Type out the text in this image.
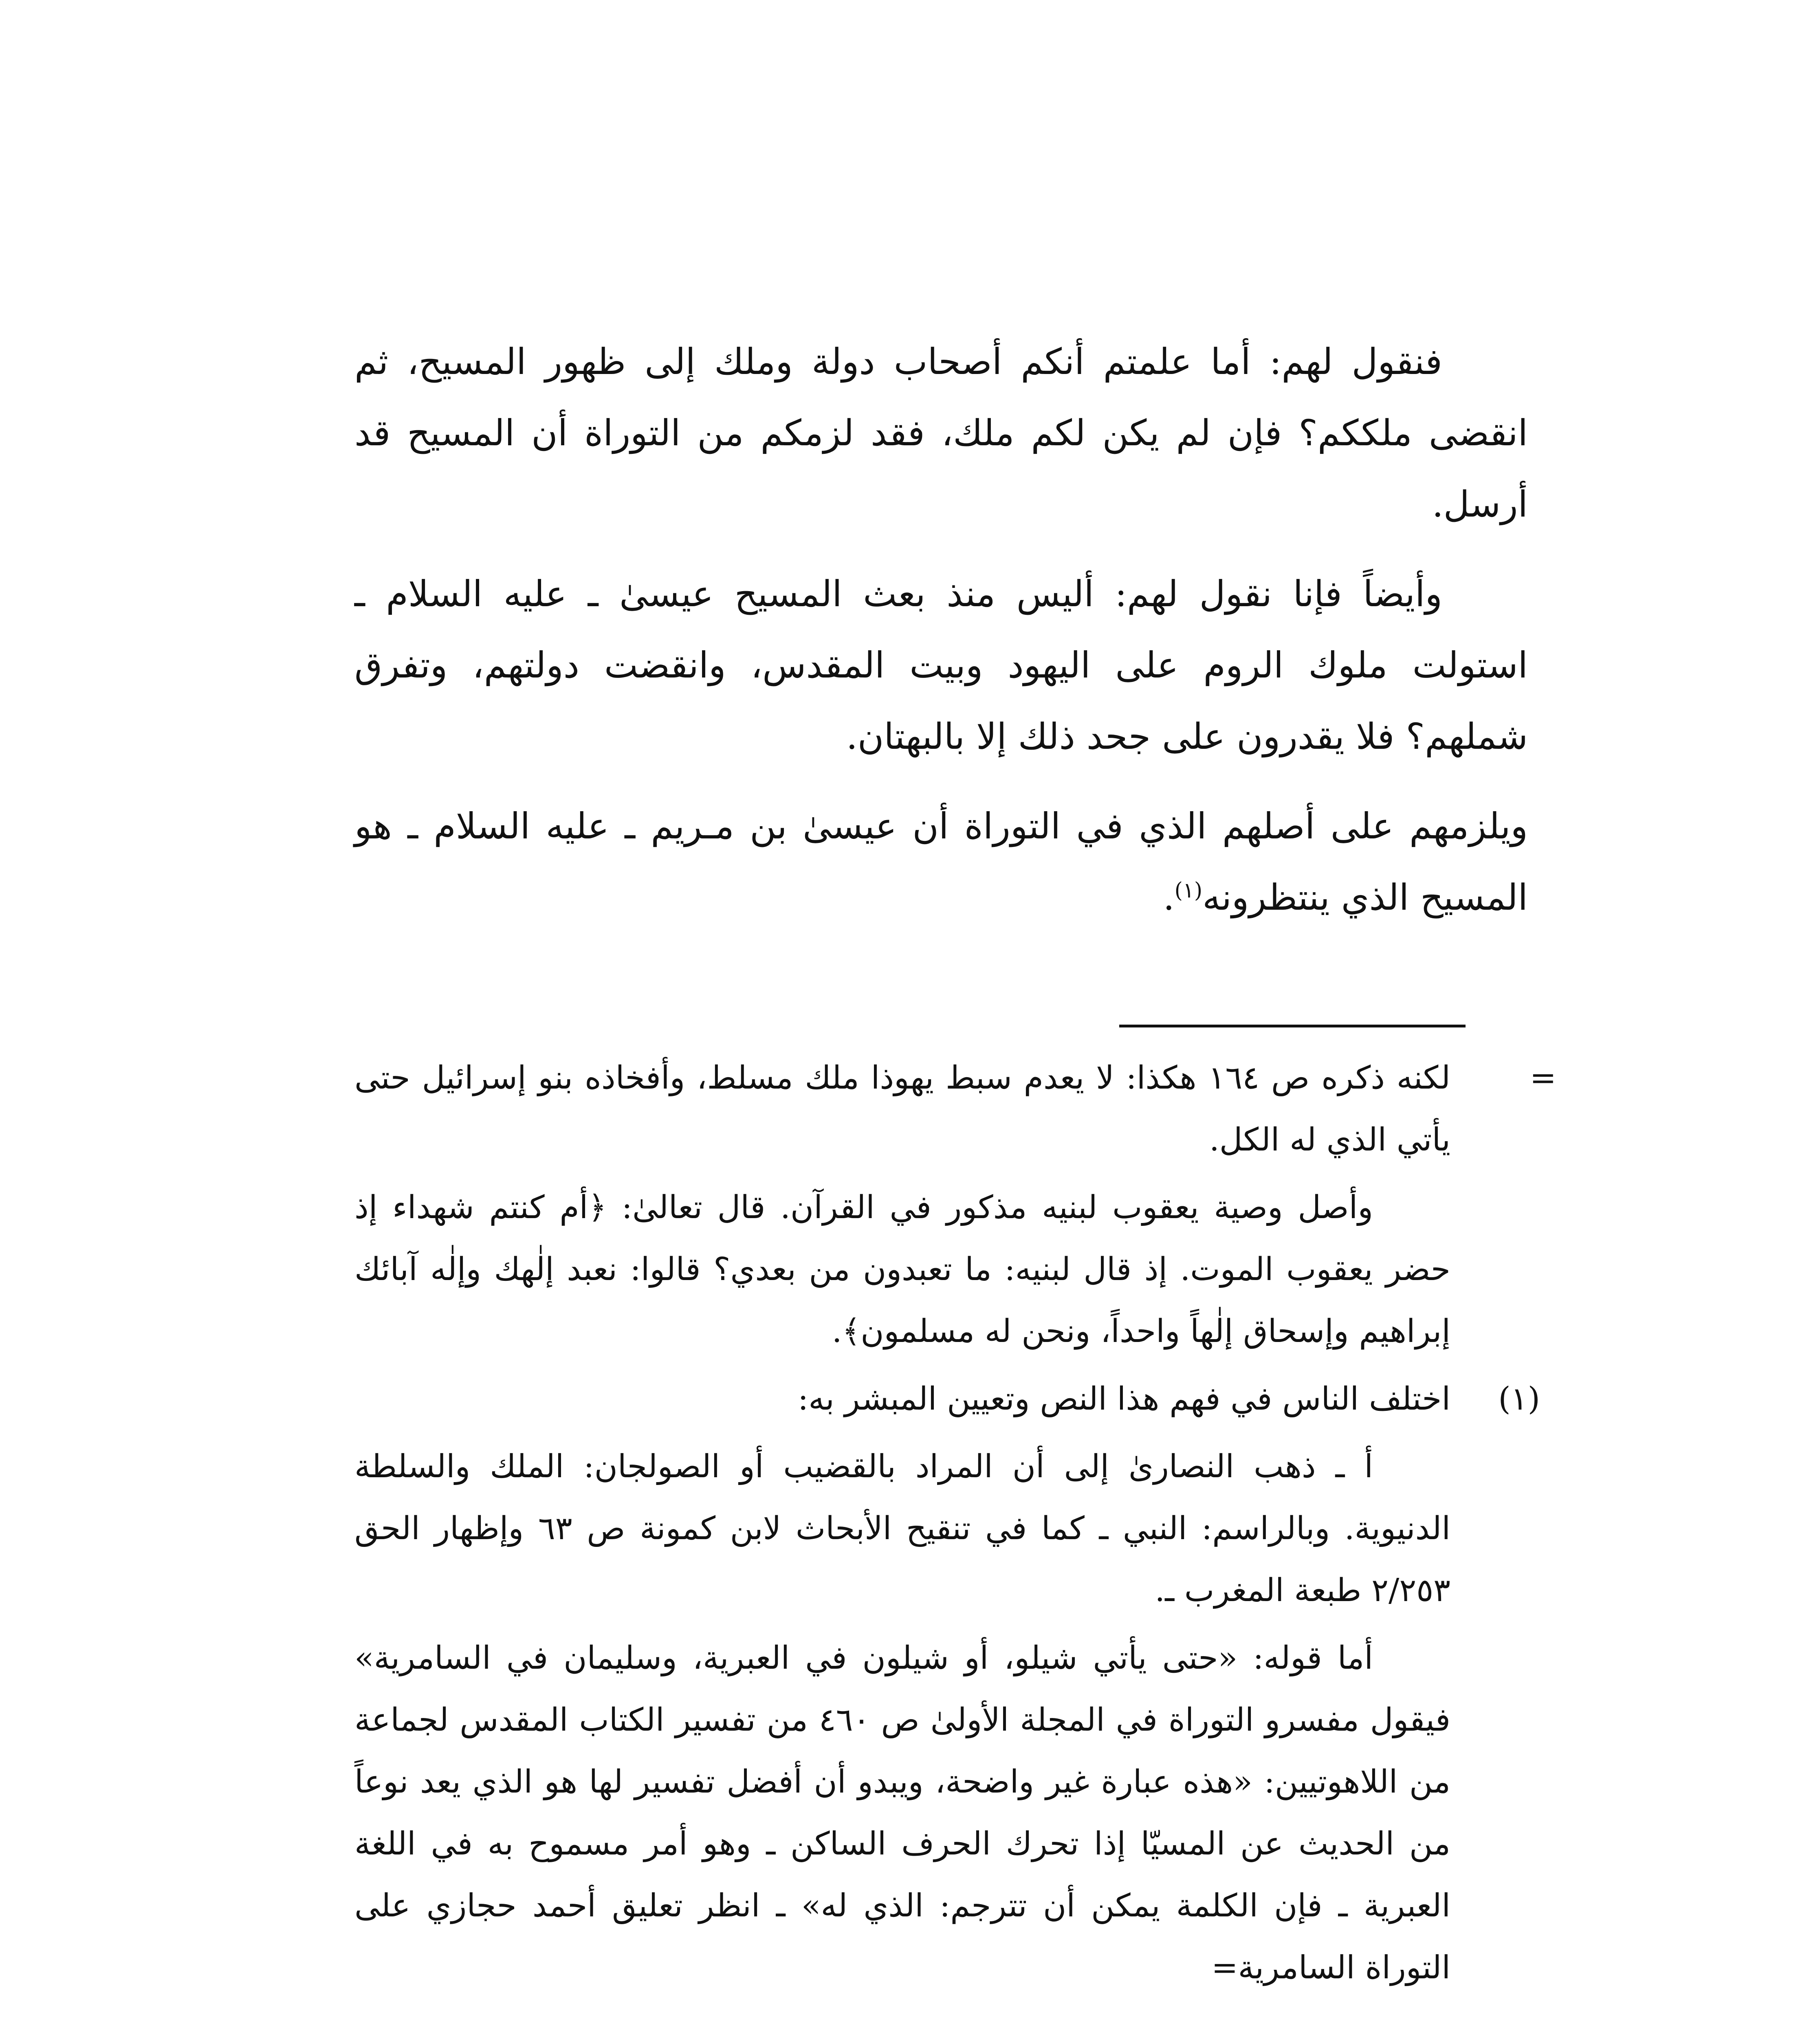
فنقول لهم: أما علمتم أنكم أصحاب دولة وملك إلى ظهور المسيح، ثم انقضى ملككم؟ فإن لم يكن لكم ملك، فقد لزمكم من التوراة أن المسيح قد أرسل.

وأيضاً فإنا نقول لهم: أليس منذ بعث المسيح عيسىٰ ـ عليه السلام ـ استولت ملوك الروم على اليهود وبيت المقدس، وانقضت دولتهم، وتفرق شملهم؟ فلا يقدرون على جحد ذلك إلا بالبهتان.

ويلزمهم على أصلهم الذي في التوراة أن عيسىٰ بن مـريم ـ عليه السلام ـ هو المسيح الذي ينتظرونه$^{(١)}$.

=
لكنه ذكره ص ١٦٤ هكذا: لا يعدم سبط يهوذا ملك مسلط، وأفخاذه بنو إسرائيل حتى يأتي الذي له الكل.

وأصل وصية يعقوب لبنيه مذكور في القرآن. قال تعالىٰ: ﴿أم كنتم شهداء إذ حضر يعقوب الموت. إذ قال لبنيه: ما تعبدون من بعدي؟ قالوا: نعبد إلٰهك وإلٰه آبائك إبراهيم وإسحاق إلٰهاً واحداً، ونحن له مسلمون﴾.

(١)
اختلف الناس في فهم هذا النص وتعيين المبشر به:

أ ـ ذهب النصارىٰ إلى أن المراد بالقضيب أو الصولجان: الملك والسلطة الدنيوية. وبالراسم: النبي ـ كما في تنقيح الأبحاث لابن كمونة ص ٦٣ وإظهار الحق ٢/٢٥٣ طبعة المغرب ـ.

أما قوله: «حتى يأتي شيلو، أو شيلون في العبرية، وسليمان في السامرية» فيقول مفسرو التوراة في المجلة الأولىٰ ص ٤٦٠ من تفسير الكتاب المقدس لجماعة من اللاهوتيين: «هذه عبارة غير واضحة، ويبدو أن أفضل تفسير لها هو الذي يعد نوعاً من الحديث عن المسيّا إذا تحرك الحرف الساكن ـ وهو أمر مسموح به في اللغة العبرية ـ فإن الكلمة يمكن أن تترجم: الذي له» ـ انظر تعليق أحمد حجازي على التوراة السامرية=
